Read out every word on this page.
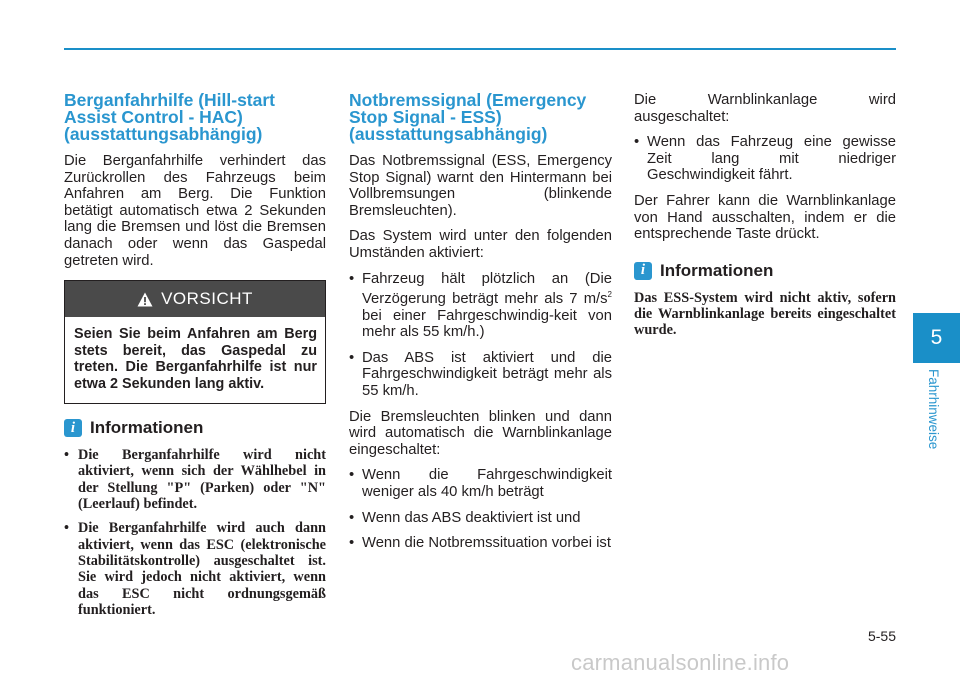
Berganfahrhilfe (Hill-start Assist Control - HAC) (ausstattungsabhängig)

Die Berganfahrhilfe verhindert das Zurückrollen des Fahrzeugs beim Anfahren am Berg. Die Funktion betätigt automatisch etwa 2 Sekunden lang die Bremsen und löst die Bremsen danach oder wenn das Gaspedal getreten wird.

VORSICHT
Seien Sie beim Anfahren am Berg stets bereit, das Gaspedal zu treten. Die Berganfahrhilfe ist nur etwa 2 Sekunden lang aktiv.
i Informationen
• Die Berganfahrhilfe wird nicht aktiviert, wenn sich der Wählhebel in der Stellung "P" (Parken) oder "N" (Leerlauf) befindet.
• Die Berganfahrhilfe wird auch dann aktiviert, wenn das ESC (elektronische Stabilitätskontrolle) ausgeschaltet ist. Sie wird jedoch nicht aktiviert, wenn das ESC nicht ordnungsgemäß funktioniert.
Notbremssignal (Emergency Stop Signal - ESS) (ausstattungsabhängig)

Das Notbremssignal (ESS, Emergency Stop Signal) warnt den Hintermann bei Vollbremsungen (blinkende Bremsleuchten).

Das System wird unter den folgenden Umständen aktiviert:

• Fahrzeug hält plötzlich an (Die Verzögerung beträgt mehr als 7 $m/s^2$ bei einer Fahrgeschwindig-keit von mehr als 55 km/h.)
• Das ABS ist aktiviert und die Fahrgeschwindigkeit beträgt mehr als 55 km/h.

Die Bremsleuchten blinken und dann wird automatisch die Warnblinkanlage eingeschaltet:

• Wenn die Fahrgeschwindigkeit weniger als 40 km/h beträgt
• Wenn das ABS deaktiviert ist und
• Wenn die Notbremssituation vorbei ist

Die Warnblinkanlage wird ausgeschaltet:

• Wenn das Fahrzeug eine gewisse Zeit lang mit niedriger Geschwindigkeit fährt.

Der Fahrer kann die Warnblinkanlage von Hand ausschalten, indem er die entsprechende Taste drückt.

i Informationen

Das ESS-System wird nicht aktiv, sofern die Warnblinkanlage bereits eingeschaltet wurde.	5
Fahrhinweise
5-55
carmanualsonline.info
